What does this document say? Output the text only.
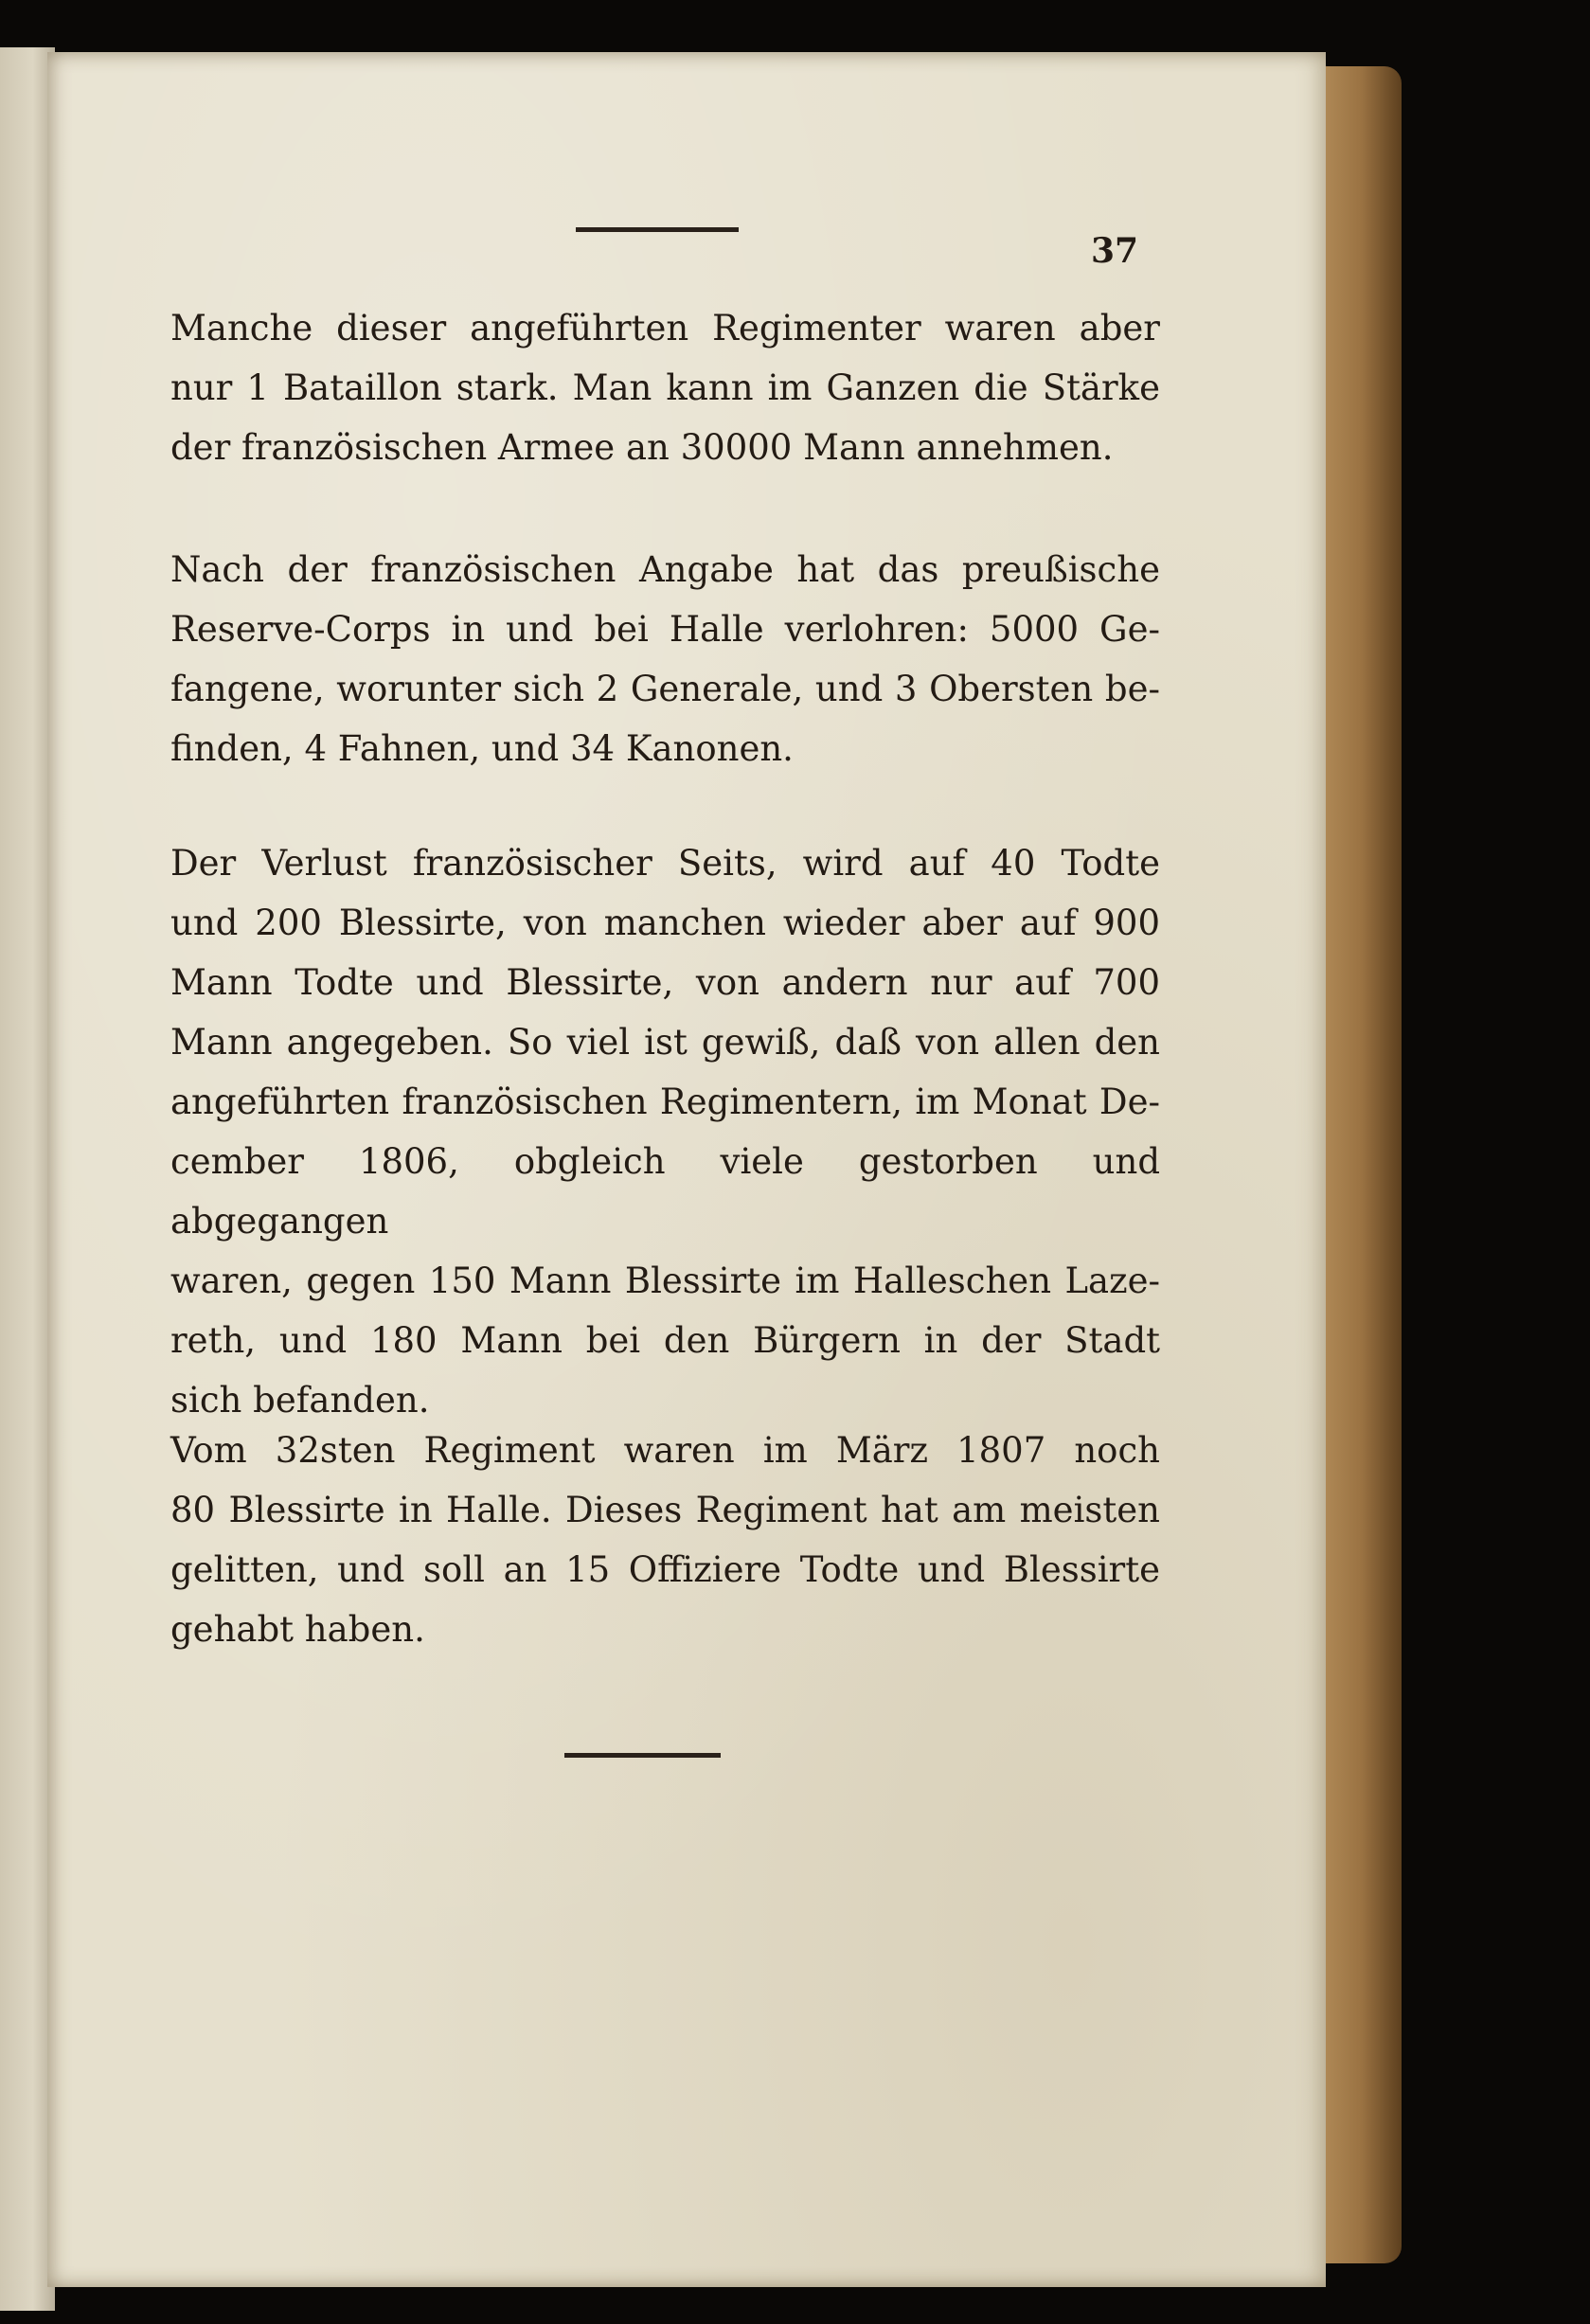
37
Manche dieser angeführten Regimenter waren aber
nur 1 Bataillon stark. Man kann im Ganzen die Stärke
der französischen Armee an 30000 Mann annehmen.
Nach der französischen Angabe hat das preußische
Reserve-Corps in und bei Halle verlohren: 5000 Ge-
fangene, worunter sich 2 Generale, und 3 Obersten be-
finden, 4 Fahnen, und 34 Kanonen.
Der Verlust französischer Seits, wird auf 40 Todte
und 200 Blessirte, von manchen wieder aber auf 900
Mann Todte und Blessirte, von andern nur auf 700
Mann angegeben. So viel ist gewiß, daß von allen den
angeführten französischen Regimentern, im Monat De-
cember 1806, obgleich viele gestorben und abgegangen
waren, gegen 150 Mann Blessirte im Halleschen Laze-
reth, und 180 Mann bei den Bürgern in der Stadt
sich befanden.
Vom 32sten Regiment waren im März 1807 noch
80 Blessirte in Halle. Dieses Regiment hat am meisten
gelitten, und soll an 15 Offiziere Todte und Blessirte
gehabt haben.
